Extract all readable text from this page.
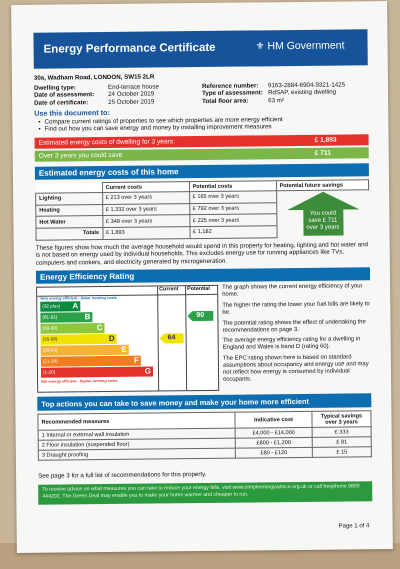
Energy Performance Certificate	⚜ HM Government
30a, Wadham Road, LONDON, SW15 2LR
Dwelling type:	End-terrace house
Date of assessment: 24 October 2019
Date of certificate:	25 October 2019
Reference number: 9163-2884-6904-9321-1425
Type of assessment: RdSAP, existing dwelling
Total floor area:	63 m²
Use this document to:
• Compare current ratings of properties to see which properties are more energy efficient
• Find out how you can save energy and money by installing improvement measures
Estimated energy costs of dwelling for 3 years:	£ 1,893
Over 3 years you could save	£ 711
Estimated energy costs of this home
	Current costs	Potential costs	Potential future savings
Lighting	£ 213 over 3 years	£ 165 over 3 years	You could
save £ 711
over 3 years

Heating	£ 1,332 over 3 years	£ 792 over 3 years	
Hot Water	£ 348 over 3 years	£ 225 over 3 years	
Totals	£ 1,893	£ 1,182	
These figures show how much the average household would spend in this property for heating, lighting and hot water and is not based on energy used by individual households. This excludes energy use for running appliances like TVs, computers and cookers, and electricity generated by microgeneration.
Energy Efficiency Rating
Current Potential
Very energy efficient - lower running costs
(92 plus) A
(81-91)	B
(69-80)	C
(55-68)	D
(39-54)	E
(21-38)	F
(1-20)	G
Not energy efficient - higher running costs
64
90
The graph shows the current energy efficiency of your home.
The higher the rating the lower your fuel bills are likely to be.
The potential rating shows the effect of undertaking the recommendations on page 3.
The average energy efficiency rating for a dwelling in England and Wales is band D (rating 60).
The EPC rating shown here is based on standard assumptions about occupancy and energy use and may not reflect how energy is consumed by individual occupants.
Top actions you can take to save money and make your home more efficient
Recommended measures	Indicative cost	Typical savings over 3 years
1 Internal or external wall insulation	£4,000 - £14,000	£ 333
2 Floor insulation (suspended floor)	£800 - £1,200	£ 81
3 Draught proofing	£80 - £120	£ 15
See page 3 for a full list of recommendations for this property.
To receive advice on what measures you can take to reduce your energy bills, visit www.simpleenergyadvice.org.uk or call freephone 0800 444202. The Green Deal may enable you to make your home warmer and cheaper to run.
Page 1 of 4
